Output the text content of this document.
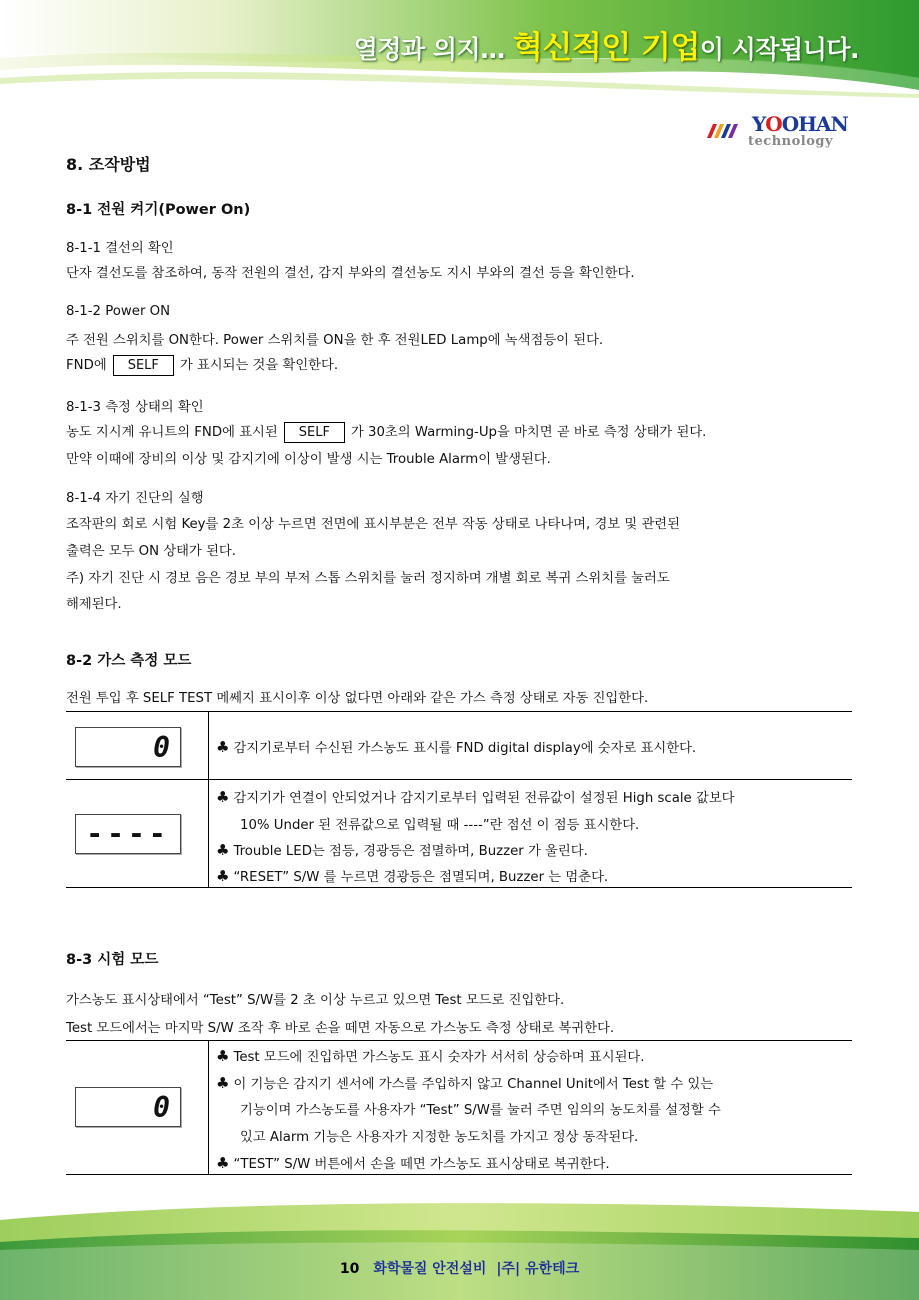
열정과 의지… 혁신적인 기업이 시작됩니다.
YOOHAN
technology
8. 조작방법
8-1 전원 켜기(Power On)
8-1-1 결선의 확인
단자 결선도를 참조하여, 동작 전원의 결선, 감지 부와의 결선농도 지시 부와의 결선 등을 확인한다.
8-1-2 Power ON
주 전원 스위치를 ON한다. Power 스위치를 ON을 한 후 전원LED Lamp에 녹색점등이 된다.
FND에 SELF 가 표시되는 것을 확인한다.
8-1-3 측정 상태의 확인
농도 지시계 유니트의 FND에 표시된 SELF 가 30초의 Warming-Up을 마치면 곧 바로 측정 상태가 된다.
만약 이때에 장비의 이상 및 감지기에 이상이 발생 시는 Trouble Alarm이 발생된다.
8-1-4 자기 진단의 실행
조작판의 회로 시험 Key를 2초 이상 누르면 전면에 표시부분은 전부 작동 상태로 나타나며, 경보 및 관련된
출력은 모두 ON 상태가 된다.
주) 자기 진단 시 경보 음은 경보 부의 부저 스톱 스위치를 눌러 정지하며 개별 회로 복귀 스위치를 눌러도
해제된다.
8-2 가스 측정 모드
전원 투입 후 SELF TEST 메쎄지 표시이후 이상 없다면 아래와 같은 가스 측정 상태로 자동 진입한다.
0	♣ 감지기로부터 수신된 가스농도 표시를 FND digital display에 숫자로 표시한다.
----
♣ 감지기가 연결이 안되었거나 감지기로부터 입력된 전류값이 설정된 High scale 값보다
10% Under 된 전류값으로 입력될 때 ----”란 점선 이 점등 표시한다.
♣ Trouble LED는 점등, 경광등은 점멸하며, Buzzer 가 울린다.
♣ “RESET” S/W 를 누르면 경광등은 점멸되며, Buzzer 는 멈춘다.
8-3 시험 모드
가스농도 표시상태에서 “Test” S/W를 2 초 이상 누르고 있으면 Test 모드로 진입한다.
Test 모드에서는 마지막 S/W 조작 후 바로 손을 떼면 자동으로 가스농도 측정 상태로 복귀한다.
0
♣ Test 모드에 진입하면 가스농도 표시 숫자가 서서히 상승하며 표시된다.
♣ 이 기능은 감지기 센서에 가스를 주입하지 않고 Channel Unit에서 Test 할 수 있는
기능이며 가스농도를 사용자가 “Test” S/W를 눌러 주면 임의의 농도치를 설정할 수
있고 Alarm 기능은 사용자가 지정한 농도치를 가지고 정상 동작된다.
♣ “TEST” S/W 버튼에서 손을 떼면 가스농도 표시상태로 복귀한다.
10 화학물질 안전설비 |주| 유한테크
